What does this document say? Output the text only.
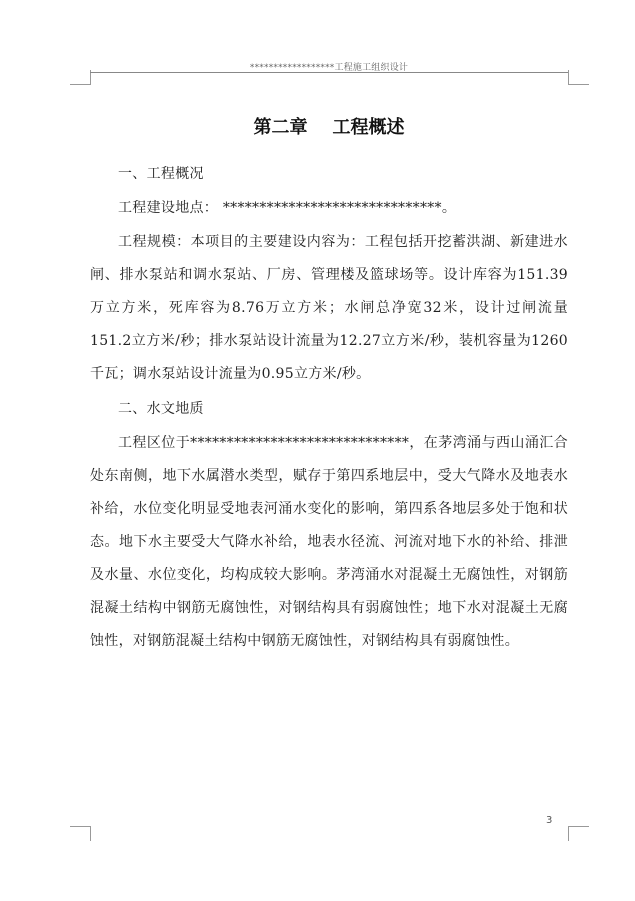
******************工程施工组织设计
第二章    工程概述
一、工程概况
工程建设地点： ******************************。

工程规模：本项目的主要建设内容为：工程包括开挖蓄洪湖、新建进水闸、排水泵站和调水泵站、厂房、管理楼及篮球场等。设计库容为151.39万立方米，死库容为8.76万立方米；水闸总净宽32米，设计过闸流量151.2立方米/秒；排水泵站设计流量为12.27立方米/秒，装机容量为1260千瓦；调水泵站设计流量为0.95立方米/秒。

二、水文地质

工程区位于******************************，在茅湾涌与西山涌汇合处东南侧，地下水属潜水类型，赋存于第四系地层中，受大气降水及地表水补给，水位变化明显受地表河涌水变化的影响，第四系各地层多处于饱和状态。地下水主要受大气降水补给，地表水径流、河流对地下水的补给、排泄及水量、水位变化，均构成较大影响。茅湾涌水对混凝土无腐蚀性，对钢筋混凝土结构中钢筋无腐蚀性，对钢结构具有弱腐蚀性；地下水对混凝土无腐蚀性，对钢筋混凝土结构中钢筋无腐蚀性，对钢结构具有弱腐蚀性。

3
